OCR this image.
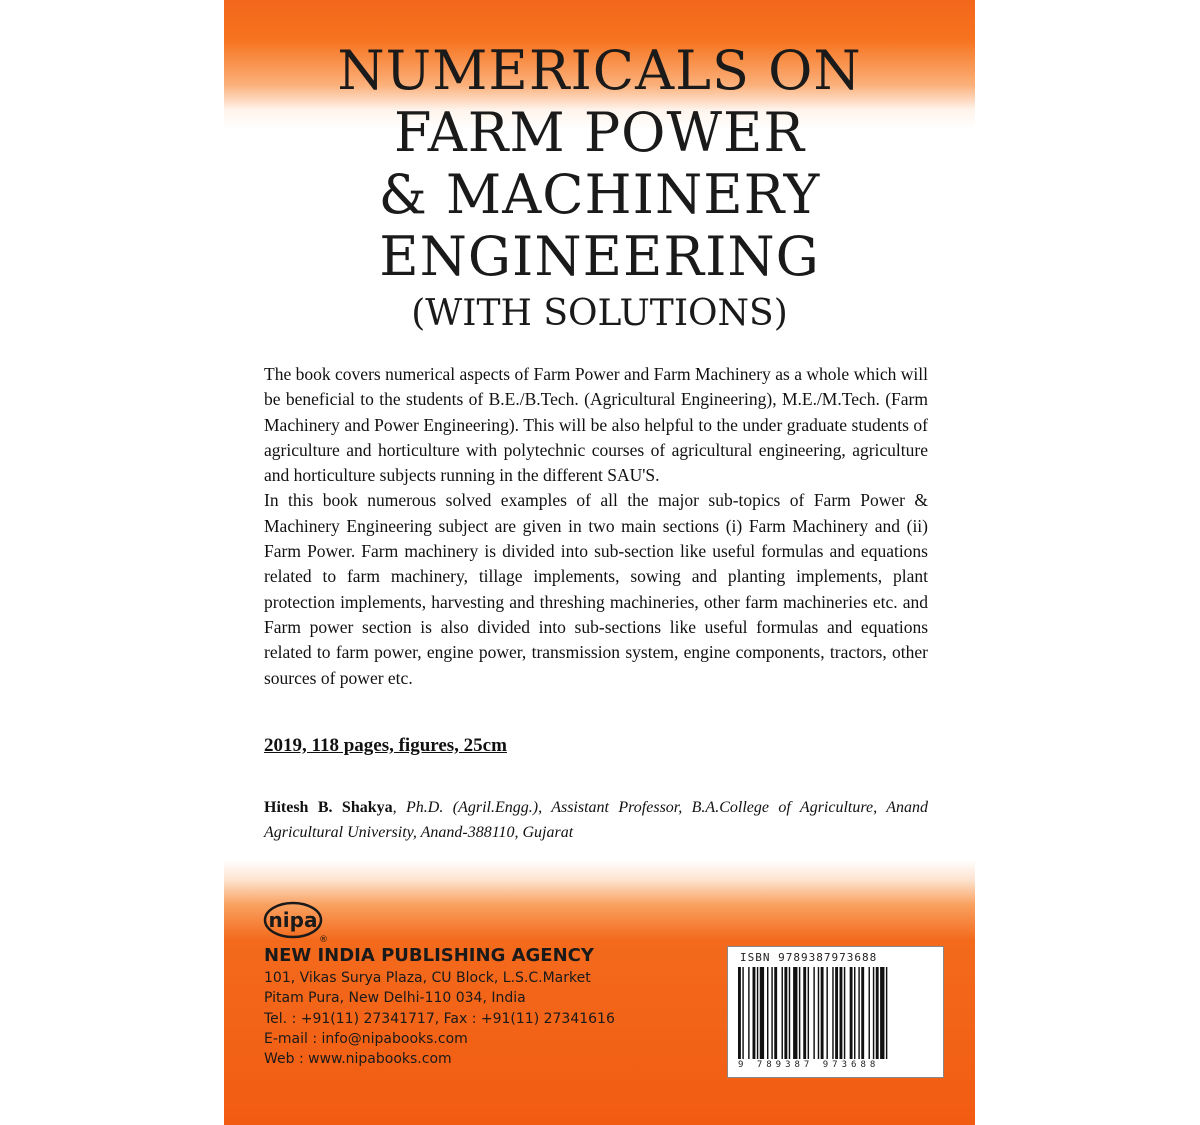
NUMERICALS ON
FARM POWER
& MACHINERY
ENGINEERING
(WITH SOLUTIONS)

The book covers numerical aspects of Farm Power and Farm Machinery as a whole which will be beneficial to the students of B.E./B.Tech. (Agricultural Engineering), M.E./M.Tech. (Farm Machinery and Power Engineering). This will be also helpful to the under graduate students of agriculture and horticulture with polytechnic courses of agricultural engineering, agriculture and horticulture subjects running in the different SAU'S.

In this book numerous solved examples of all the major sub-topics of Farm Power & Machinery Engineering subject are given in two main sections (i) Farm Machinery and (ii) Farm Power. Farm machinery is divided into sub-section like useful formulas and equations related to farm machinery, tillage implements, sowing and planting implements, plant protection implements, harvesting and threshing machineries, other farm machineries etc. and Farm power section is also divided into sub-sections like useful formulas and equations related to farm power, engine power, transmission system, engine components, tractors, other sources of power etc.

2019, 118 pages, figures, 25cm
Hitesh B. Shakya, Ph.D. (Agril.Engg.), Assistant Professor, B.A.College of Agriculture, Anand Agricultural University, Anand-388110, Gujarat
nipa
®
NEW INDIA PUBLISHING AGENCY
101, Vikas Surya Plaza, CU Block, L.S.C.Market
Pitam Pura, New Delhi-110 034, India
Tel. : +91(11) 27341717, Fax : +91(11) 27341616
E-mail : info@nipabooks.com
Web : www.nipabooks.com
ISBN 9789387973688
9 789387 973688
